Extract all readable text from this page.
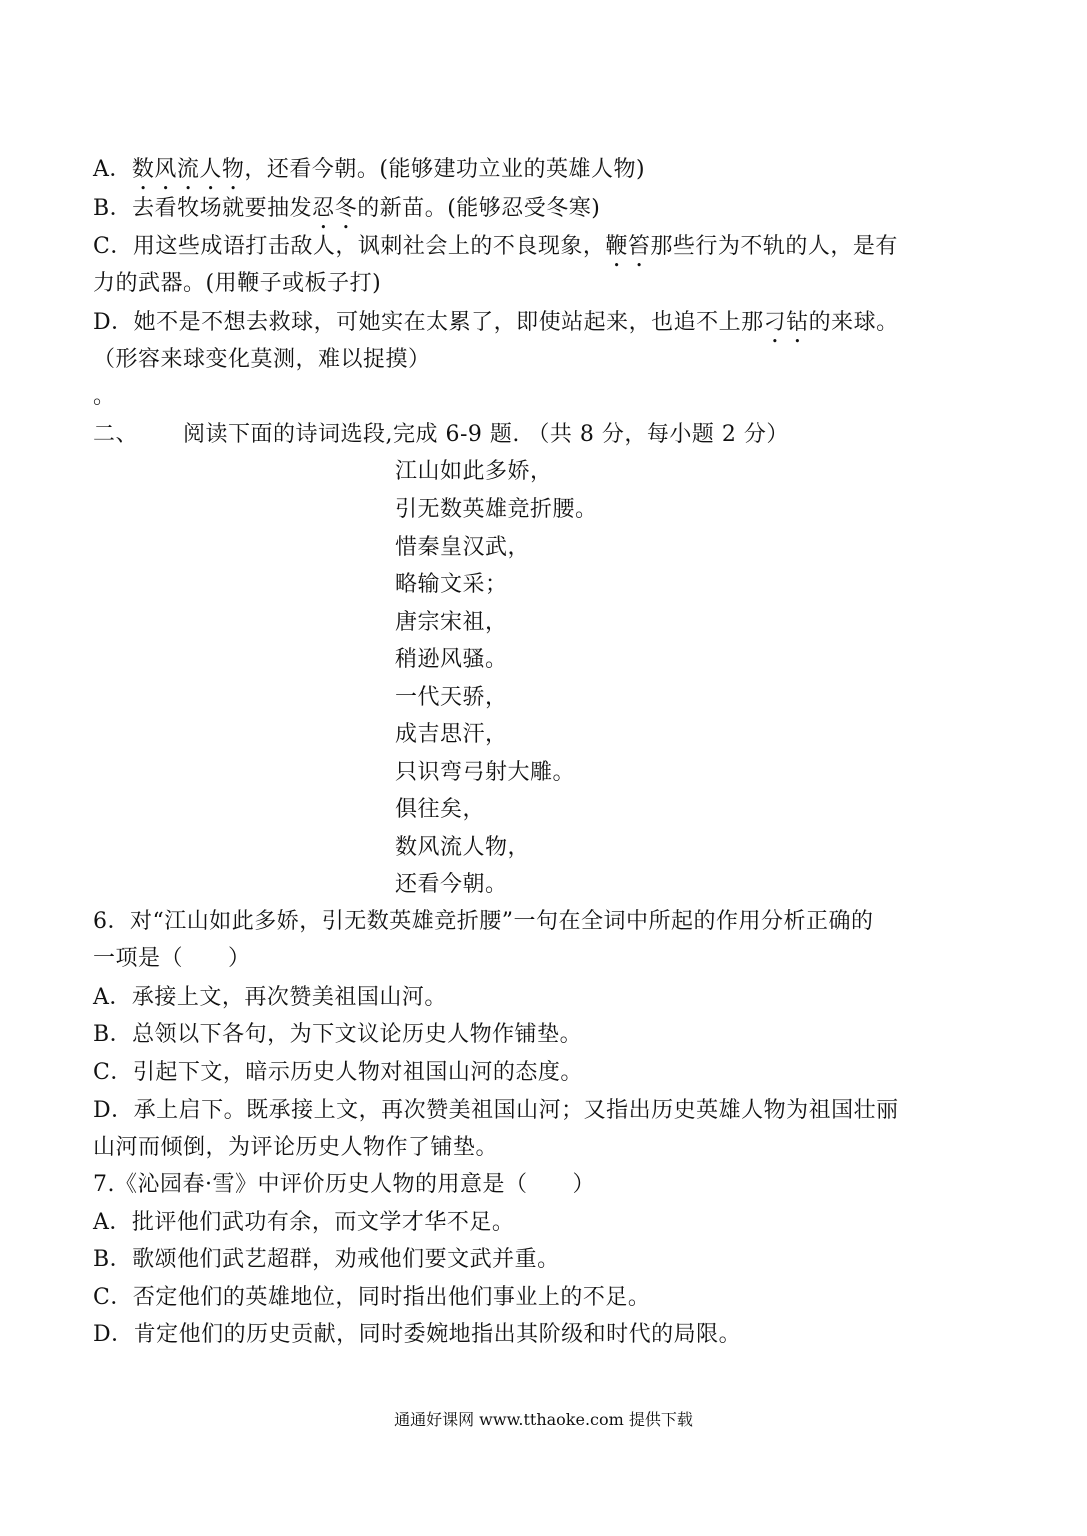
A．数风流人物，还看今朝。(能够建功立业的英雄人物)
B．去看牧场就要抽发忍冬的新苗。(能够忍受冬寒)
C．用这些成语打击敌人，讽刺社会上的不良现象，鞭笞那些行为不轨的人，是有
力的武器。(用鞭子或板子打)
D．她不是不想去救球，可她实在太累了，即使站起来，也追不上那刁钻的来球。
（形容来球变化莫测，难以捉摸）
。
二、 阅读下面的诗词选段,完成 6-9 题. （共 8 分，每小题 2 分）
江山如此多娇，
引无数英雄竞折腰。
惜秦皇汉武，
略输文采；
唐宗宋祖，
稍逊风骚。
一代天骄，
成吉思汗，
只识弯弓射大雕。
俱往矣，
数风流人物，
还看今朝。
6．对“江山如此多娇，引无数英雄竞折腰”一句在全词中所起的作用分析正确的
一项是（　　）
A．承接上文，再次赞美祖国山河。
B．总领以下各句，为下文议论历史人物作铺垫。
C．引起下文，暗示历史人物对祖国山河的态度。
D．承上启下。既承接上文，再次赞美祖国山河；又指出历史英雄人物为祖国壮丽
山河而倾倒，为评论历史人物作了铺垫。
7.《沁园春·雪》中评价历史人物的用意是（　　）
A．批评他们武功有余，而文学才华不足。
B．歌颂他们武艺超群，劝戒他们要文武并重。
C．否定他们的英雄地位，同时指出他们事业上的不足。
D．肯定他们的历史贡献，同时委婉地指出其阶级和时代的局限。
通通好课网 www.tthaoke.com 提供下载
